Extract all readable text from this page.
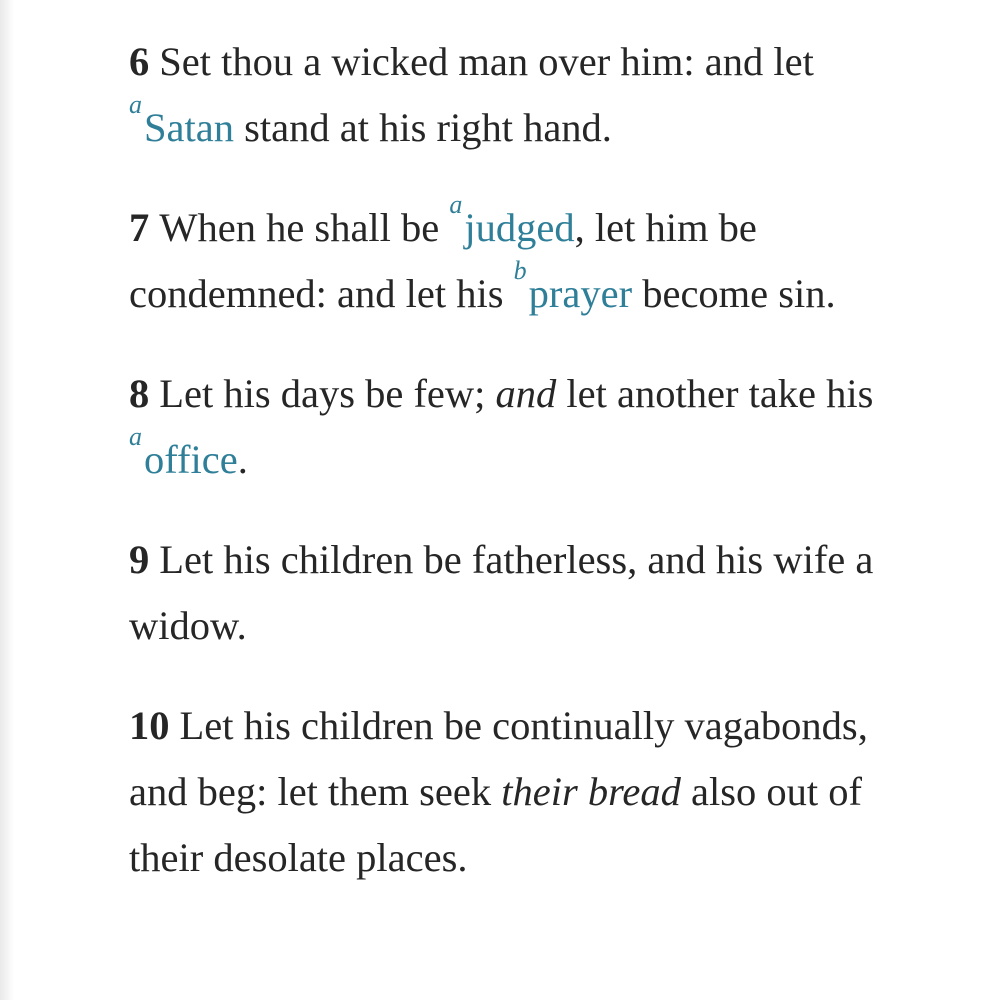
6 Set thou a wicked man over him: and let $^a$Satan stand at his right hand.

7 When he shall be $^a$judged, let him be condemned: and let his $^b$prayer become sin.

8 Let his days be few; and let another take his $^a$office.

9 Let his children be fatherless, and his wife a widow.

10 Let his children be continually vagabonds, and beg: let them seek their bread also out of their desolate places.
